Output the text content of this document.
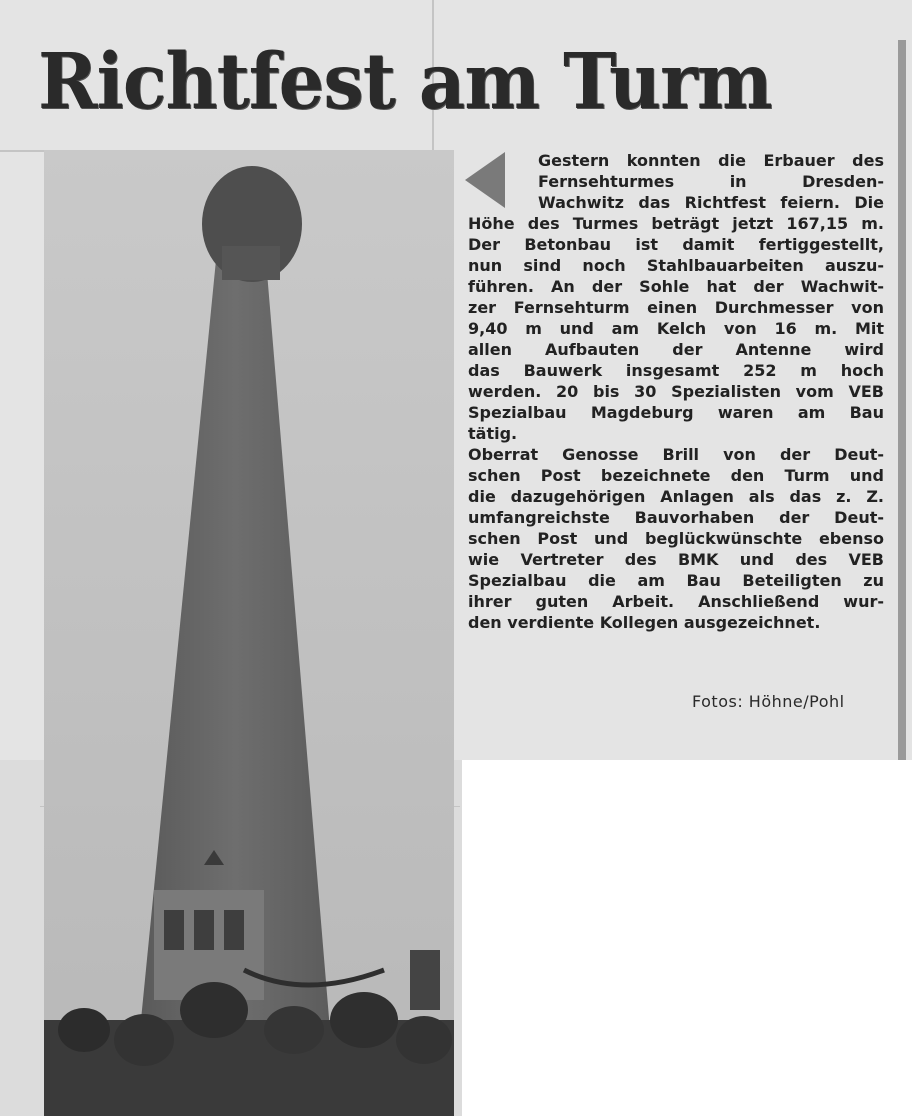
Richtfest am Turm
Gestern konnten die Erbauer des
Fernsehturmes in Dresden-
Wachwitz das Richtfest feiern. Die
Höhe des Turmes beträgt jetzt 167,15 m.
Der Betonbau ist damit fertiggestellt,
nun sind noch Stahlbauarbeiten auszu-
führen. An der Sohle hat der Wachwit-
zer Fernsehturm einen Durchmesser von
9,40 m und am Kelch von 16 m. Mit
allen Aufbauten der Antenne wird
das Bauwerk insgesamt 252 m hoch
werden. 20 bis 30 Spezialisten vom VEB
Spezialbau Magdeburg waren am Bau
tätig.
Oberrat Genosse Brill von der Deut-
schen Post bezeichnete den Turm und
die dazugehörigen Anlagen als das z. Z.
umfangreichste Bauvorhaben der Deut-
schen Post und beglückwünschte ebenso
wie Vertreter des BMK und des VEB
Spezialbau die am Bau Beteiligten zu
ihrer guten Arbeit. Anschließend wur-
den verdiente Kollegen ausgezeichnet.
Fotos: Höhne/Pohl
